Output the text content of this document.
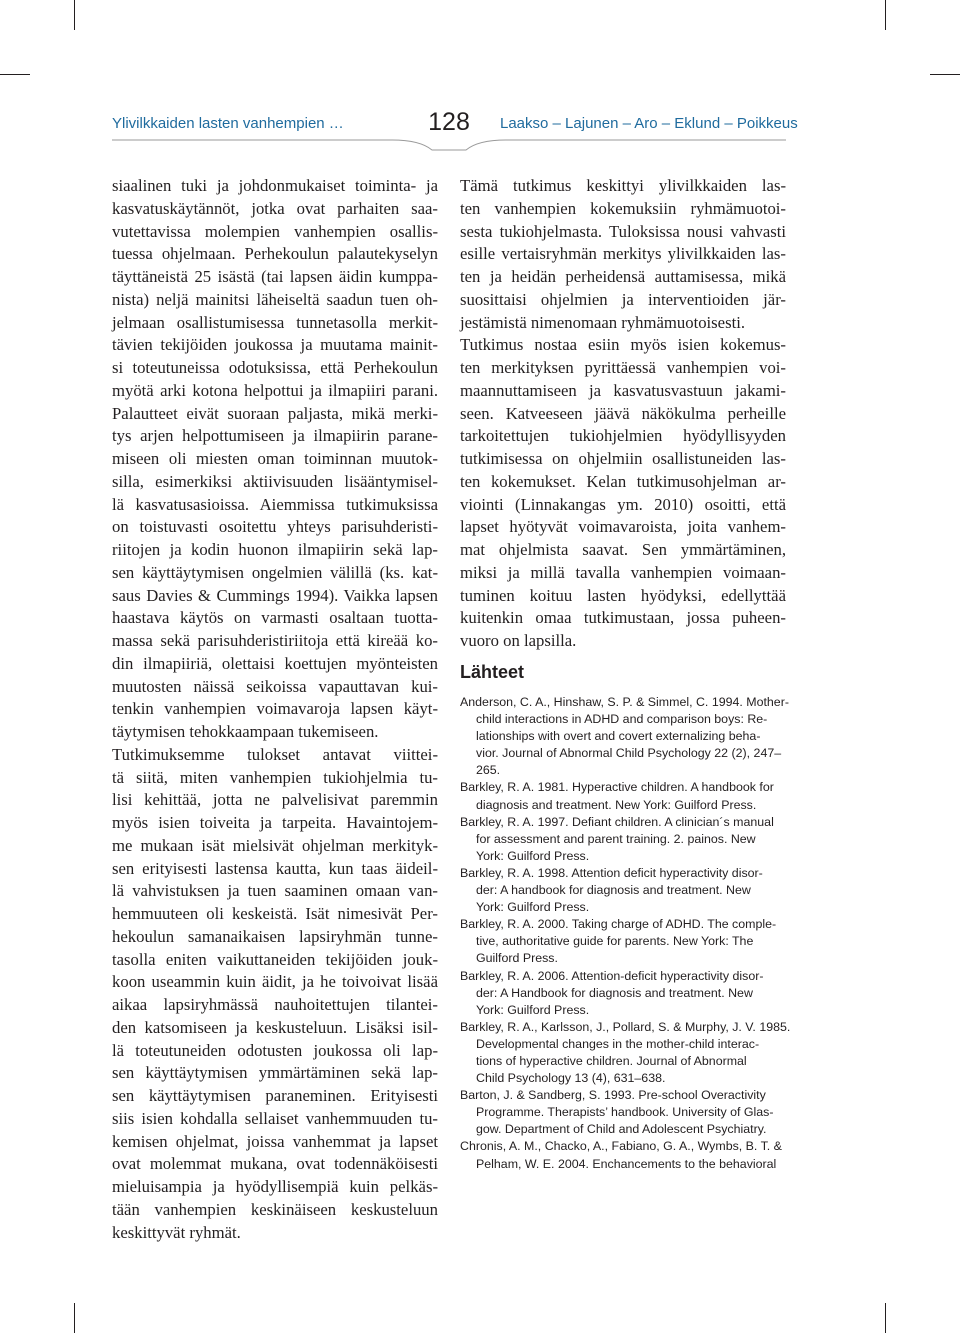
Ylivilkkaiden lasten vanhempien …	128	Laakso – Lajunen – Aro – Eklund – Poikkeus
siaalinen tuki ja johdonmukaiset toiminta- ja
kasvatuskäytännöt, jotka ovat parhaiten saa-
vutettavissa molempien vanhempien osallis-
tuessa ohjelmaan. Perhekoulun palautekyselyn
täyttäneistä 25 isästä (tai lapsen äidin kumppa-
nista) neljä mainitsi läheiseltä saadun tuen oh-
jelmaan osallistumisessa tunnetasolla merkit-
tävien tekijöiden joukossa ja muutama mainit-
si toteutuneissa odotuksissa, että Perhekoulun
myötä arki kotona helpottui ja ilmapiiri parani.
Palautteet eivät suoraan paljasta, mikä merki-
tys arjen helpottumiseen ja ilmapiirin parane-
miseen oli miesten oman toiminnan muutok-
silla, esimerkiksi aktiivisuuden lisääntymisel-
lä kasvatusasioissa. Aiemmissa tutkimuksissa
on toistuvasti osoitettu yhteys parisuhderisti-
riitojen ja kodin huonon ilmapiirin sekä lap-
sen käyttäytymisen ongelmien välillä (ks. kat-
saus Davies & Cummings 1994). Vaikka lapsen
haastava käytös on varmasti osaltaan tuotta-
massa sekä parisuhderistiriitoja että kireää ko-
din ilmapiiriä, olettaisi koettujen myönteisten
muutosten näissä seikoissa vapauttavan kui-
tenkin vanhempien voimavaroja lapsen käyt-
täytymisen tehokkaampaan tukemiseen.
Tutkimuksemme tulokset antavat viittei-
tä siitä, miten vanhempien tukiohjelmia tu-
lisi kehittää, jotta ne palvelisivat paremmin
myös isien toiveita ja tarpeita. Havaintojem-
me mukaan isät mielsivät ohjelman merkityk-
sen erityisesti lastensa kautta, kun taas äideil-
lä vahvistuksen ja tuen saaminen omaan van-
hemmuuteen oli keskeistä. Isät nimesivät Per-
hekoulun samanaikaisen lapsiryhmän tunne-
tasolla eniten vaikuttaneiden tekijöiden jouk-
koon useammin kuin äidit, ja he toivoivat lisää
aikaa lapsiryhmässä nauhoitettujen tilantei-
den katsomiseen ja keskusteluun. Lisäksi isil-
lä toteutuneiden odotusten joukossa oli lap-
sen käyttäytymisen ymmärtäminen sekä lap-
sen käyttäytymisen paraneminen. Erityisesti
siis isien kohdalla sellaiset vanhemmuuden tu-
kemisen ohjelmat, joissa vanhemmat ja lapset
ovat molemmat mukana, ovat todennäköisesti
mieluisampia ja hyödyllisempiä kuin pelkäs-
tään vanhempien keskinäiseen keskusteluun
keskittyvät ryhmät.
Tämä tutkimus keskittyi ylivilkkaiden las-
ten vanhempien kokemuksiin ryhmämuotoi-
sesta tukiohjelmasta. Tuloksissa nousi vahvasti
esille vertaisryhmän merkitys ylivilkkaiden las-
ten ja heidän perheidensä auttamisessa, mikä
suosittaisi ohjelmien ja interventioiden jär-
jestämistä nimenomaan ryhmämuotoisesti.
Tutkimus nostaa esiin myös isien kokemus-
ten merkityksen pyrittäessä vanhempien voi-
maannuttamiseen ja kasvatusvastuun jakami-
seen. Katveeseen jäävä näkökulma perheille
tarkoitettujen tukiohjelmien hyödyllisyyden
tutkimisessa on ohjelmiin osallistuneiden las-
ten kokemukset. Kelan tutkimusohjelman ar-
viointi (Linnakangas ym. 2010) osoitti, että
lapset hyötyvät voimavaroista, joita vanhem-
mat ohjelmista saavat. Sen ymmärtäminen,
miksi ja millä tavalla vanhempien voimaan-
tuminen koituu lasten hyödyksi, edellyttää
kuitenkin omaa tutkimustaan, jossa puheen-
vuoro on lapsilla.
Lähteet
Anderson, C. A., Hinshaw, S. P. & Simmel, C. 1994. Mother-
child interactions in ADHD and comparison boys: Re-
lationships with overt and covert externalizing beha-
vior. Journal of Abnormal Child Psychology 22 (2), 247–
265.
Barkley, R. A. 1981. Hyperactive children. A handbook for
diagnosis and treatment. New York: Guilford Press.
Barkley, R. A. 1997. Defiant children. A clinician´s manual
for assessment and parent training. 2. painos. New
York: Guilford Press.
Barkley, R. A. 1998. Attention deficit hyperactivity disor-
der: A handbook for diagnosis and treatment. New
York: Guilford Press.
Barkley, R. A. 2000. Taking charge of ADHD. The comple-
tive, authoritative guide for parents. New York: The
Guilford Press.
Barkley, R. A. 2006. Attention-deficit hyperactivity disor-
der: A Handbook for diagnosis and treatment. New
York: Guilford Press.
Barkley, R. A., Karlsson, J., Pollard, S. & Murphy, J. V. 1985.
Developmental changes in the mother-child interac-
tions of hyperactive children. Journal of Abnormal
Child Psychology 13 (4), 631–638.
Barton, J. & Sandberg, S. 1993. Pre-school Overactivity
Programme. Therapists’ handbook. University of Glas-
gow. Department of Child and Adolescent Psychiatry.
Chronis, A. M., Chacko, A., Fabiano, G. A., Wymbs, B. T. &
Pelham, W. E. 2004. Enchancements to the behavioral
